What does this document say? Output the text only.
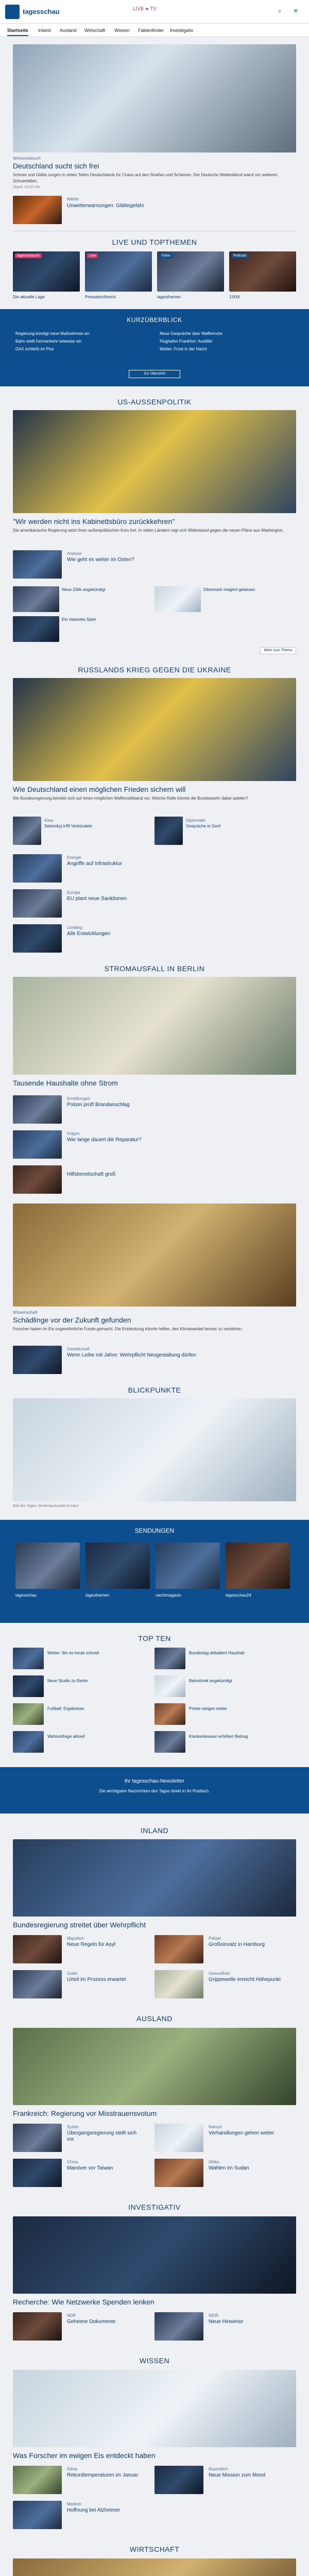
tagesschau	LIVE ● TV	⌕ ≡
Startseite Inland Ausland Wirtschaft Wissen Faktenfinder Investigativ
Wintereinbruch
Deutschland sucht sich frei
Schnee und Glätte sorgen in vielen Teilen Deutschlands für Chaos auf den Straßen und Schienen. Der Deutsche Wetterdienst warnt vor weiteren Schneefällen.
Stand: 10:32 Uhr
Wetter
Unwetterwarnungen: Glättegefahr
LIVE UND TOPTHEMEN
tagesschau24	Live	Video	Podcast
Die aktuelle Lage	Pressekonferenz	tagesthemen	11KM
KURZÜBERBLICK
Regierung kündigt neue Maßnahmen an
Bahn stellt Fernverkehr teilweise ein
DAX schließt im Plus
Neue Gespräche über Waffenruhe
Flughafen Frankfurt: Ausfälle
Wetter: Frost in der Nacht
Zur Übersicht
US-AUSSENPOLITIK
"Wir werden nicht ins Kabinettsbüro zurückkehren"
Die amerikanische Regierung setzt ihren außenpolitischen Kurs fort. In vielen Ländern regt sich Widerstand gegen die neuen Pläne aus Washington.
Analyse
Wie geht es weiter im Osten?
Neue Zölle angekündigt	Dänemark reagiert gelassen
Ein riskantes Spiel
Mehr zum Thema
RUSSLANDS KRIEG GEGEN DIE UKRAINE
Wie Deutschland einen möglichen Frieden sichern will
Die Bundesregierung bereitet sich auf einen möglichen Waffenstillstand vor. Welche Rolle könnte die Bundeswehr dabei spielen?
Kiew
Selenskyj trifft Verbündete
Diplomatie
Gespräche in Genf
Energie
Angriffe auf Infrastruktur
Europa
EU plant neue Sanktionen
Liveblog
Alle Entwicklungen
STROMAUSFALL IN BERLIN
Tausende Haushalte ohne Strom
Ermittlungen
Polizei prüft Brandanschlag
Folgen
Wie lange dauert die Reparatur?
Hilfsbereitschaft groß
Wissenschaft
Schädlinge vor der Zukunft gefunden
Forscher haben im Eis ungewöhnliche Funde gemacht. Die Entdeckung könnte helfen, den Klimawandel besser zu verstehen.
Gesellschaft
Wenn Leihe mit Jahre: Wehrpflicht Neugestaltung dürfen
BLICKPUNKTE
Bild des Tages: Winterlandschaft im Harz
SENDUNGEN
tagesschau	tagesthemen	nachtmagazin	tagesschau24
TOP TEN
Wetter: Wo es heute schneit	Bundestag debattiert Haushalt
Neue Studie zu Rente	Bahnstreik angekündigt
Fußball: Ergebnisse	Preise steigen weiter
Wahlumfrage aktuell	Krankenkassen erhöhen Beitrag
Ihr tagesschau-Newsletter
Die wichtigsten Nachrichten des Tages direkt in Ihr Postfach.
INLAND
Bundesregierung streitet über Wehrpflicht
Migration
Neue Regeln für Asyl
Polizei
Großeinsatz in Hamburg
Justiz
Urteil im Prozess erwartet
Gesundheit
Grippewelle erreicht Höhepunkt
AUSLAND
Frankreich: Regierung vor Misstrauensvotum
Syrien
Übergangsregierung stellt sich vor
Nahost
Verhandlungen gehen weiter
China
Manöver vor Taiwan
Afrika
Wahlen im Sudan
INVESTIGATIV
Recherche: Wie Netzwerke Spenden lenken
NDR
Geheime Dokumente
WDR
Neue Hinweise
WISSEN
Was Forscher im ewigen Eis entdeckt haben
Klima
Rekordtemperaturen im Januar
Raumfahrt
Neue Mission zum Mond
Medizin
Hoffnung bei Alzheimer
WIRTSCHAFT
